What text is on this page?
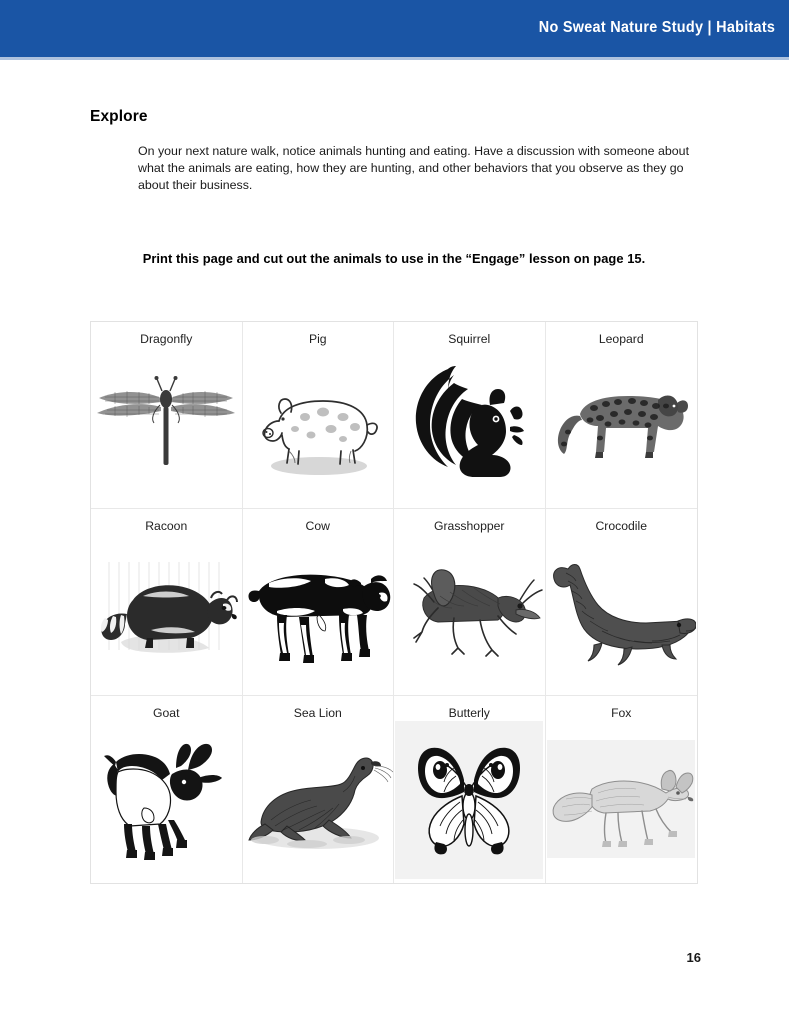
No Sweat Nature Study | Habitats
Explore
On your next nature walk, notice animals hunting and eating. Have a discussion with someone about what the animals are eating, how they are hunting, and other behaviors that you observe as they go about their business.
Print this page and cut out the animals to use in the “Engage” lesson on page 15.
Dragonfly	Pig	Squirrel	Leopard
Racoon	Cow	Grasshopper	Crocodile
Goat	Sea Lion	Butterly	Fox
16
